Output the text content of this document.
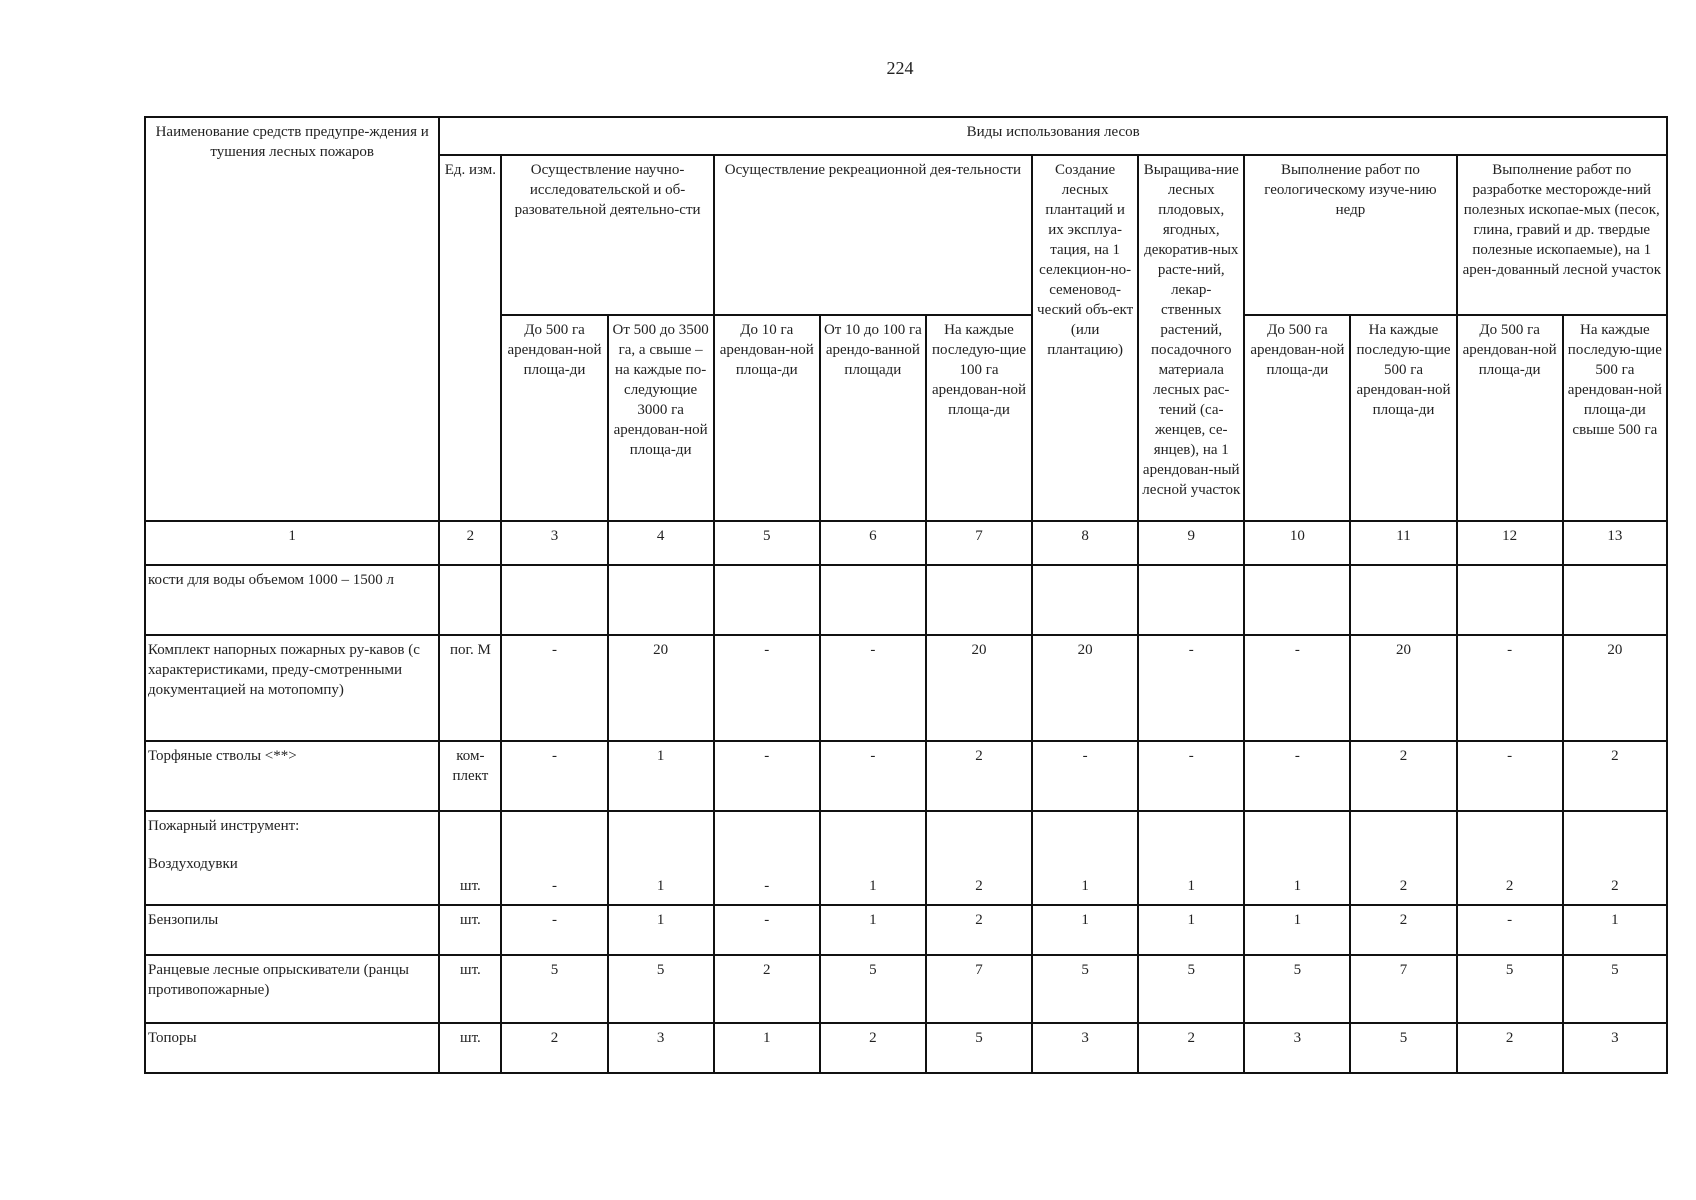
224
Наименование средств предупре-ждения и тушения лесных пожаров	Виды использования лесов											
	Ед. изм.	Осуществление научно-исследовательской и об-разовательной деятельно-сти		Осуществление рекреационной дея-тельности			Создание лесных плантаций и их эксплуа-тация, на 1 селекцион-но-семеновод-ческий объ-ект (или плантацию)	Выращива-ние лесных плодовых, ягодных, декоратив-ных расте-ний, лекар-ственных растений, посадочного материала лесных рас-тений (са-женцев, се-янцев), на 1 арендован-ный лесной участок	Выполнение работ по геологическому изуче-нию недр		Выполнение работ по разработке месторожде-ний полезных ископае-мых (песок, глина, гравий и др. твердые полезные ископаемые), на 1 арен-дованный лесной участок	
		До 500 га арендован-ной площа-ди	От 500 до 3500 га, а свыше – на каждые по-следующие 3000 га арендован-ной площа-ди	До 10 га арендован-ной площа-ди	От 10 до 100 га арендо-ванной площади	На каждые последую-щие 100 га арендован-ной площа-ди			До 500 га арендован-ной площа-ди	На каждые последую-щие 500 га арендован-ной площа-ди	До 500 га арендован-ной площа-ди	На каждые последую-щие 500 га арендован-ной площа-ди свыше 500 га
1	2	3	4	5	6	7	8	9	10	11	12	13
кости для воды объемом 1000 – 1500 л												
Комплект напорных пожарных ру-кавов (с характеристиками, преду-смотренными документацией на мотопомпу)	пог. М	-	20	-	-	20	20	-	-	20	-	20
Торфяные стволы <**>	ком-плект	-	1	-	-	2	-	-	-	2	-	2

Пожарный инструмент:
Воздуходувки	шт.	-	1	-	1	2	1	1	1	2	2	2
Бензопилы	шт.	-	1	-	1	2	1	1	1	2	-	1
Ранцевые лесные опрыскиватели (ранцы противопожарные)	шт.	5	5	2	5	7	5	5	5	7	5	5
Топоры	шт.	2	3	1	2	5	3	2	3	5	2	3
